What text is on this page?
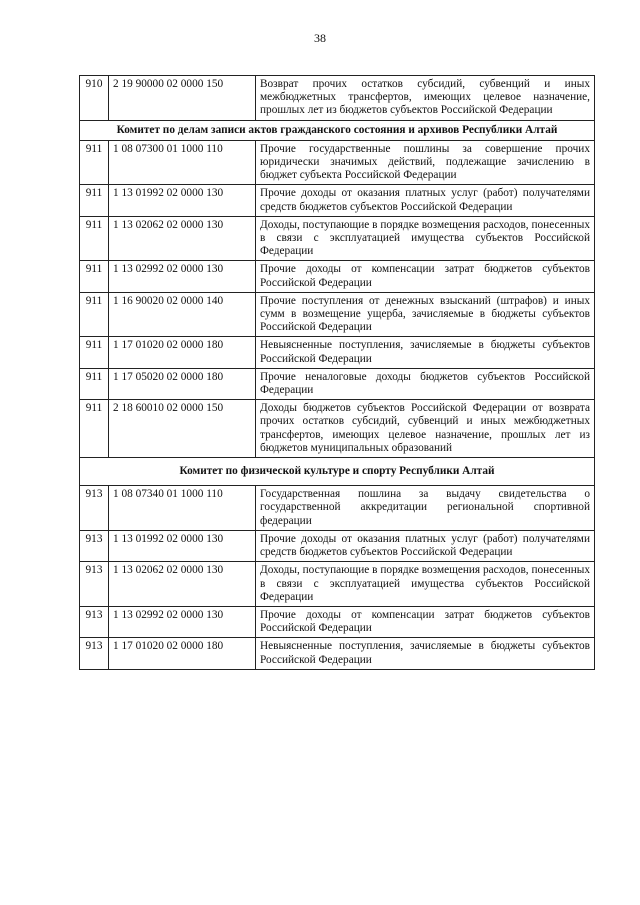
38
910	2 19 90000 02 0000 150	Возврат прочих остатков субсидий, субвенций и иных межбюджетных трансфертов, имеющих целевое назначение, прошлых лет из бюджетов субъектов Российской Федерации
Комитет по делам записи актов гражданского состояния и архивов Республики Алтай		
911	1 08 07300 01 1000 110	Прочие государственные пошлины за совершение прочих юридически значимых действий, подлежащие зачислению в бюджет субъекта Российской Федерации
911	1 13 01992 02 0000 130	Прочие доходы от оказания платных услуг (работ) получателями средств бюджетов субъектов Российской Федерации
911	1 13 02062 02 0000 130	Доходы, поступающие в порядке возмещения расходов, понесенных в связи с эксплуатацией имущества субъектов Российской Федерации
911	1 13 02992 02 0000 130	Прочие доходы от компенсации затрат бюджетов субъектов Российской Федерации
911	1 16 90020 02 0000 140	Прочие поступления от денежных взысканий (штрафов) и иных сумм в возмещение ущерба, зачисляемые в бюджеты субъектов Российской Федерации
911	1 17 01020 02 0000 180	Невыясненные поступления, зачисляемые в бюджеты субъектов Российской Федерации
911	1 17 05020 02 0000 180	Прочие неналоговые доходы бюджетов субъектов Российской Федерации
911	2 18 60010 02 0000 150	Доходы бюджетов субъектов Российской Федерации от возврата прочих остатков субсидий, субвенций и иных межбюджетных трансфертов, имеющих целевое назначение, прошлых лет из бюджетов муниципальных образований
Комитет по физической культуре и спорту Республики Алтай		
913	1 08 07340 01 1000 110	Государственная пошлина за выдачу свидетельства о государственной аккредитации региональной спортивной федерации
913	1 13 01992 02 0000 130	Прочие доходы от оказания платных услуг (работ) получателями средств бюджетов субъектов Российской Федерации
913	1 13 02062 02 0000 130	Доходы, поступающие в порядке возмещения расходов, понесенных в связи с эксплуатацией имущества субъектов Российской Федерации
913	1 13 02992 02 0000 130	Прочие доходы от компенсации затрат бюджетов субъектов Российской Федерации
913	1 17 01020 02 0000 180	Невыясненные поступления, зачисляемые в бюджеты субъектов Российской Федерации
